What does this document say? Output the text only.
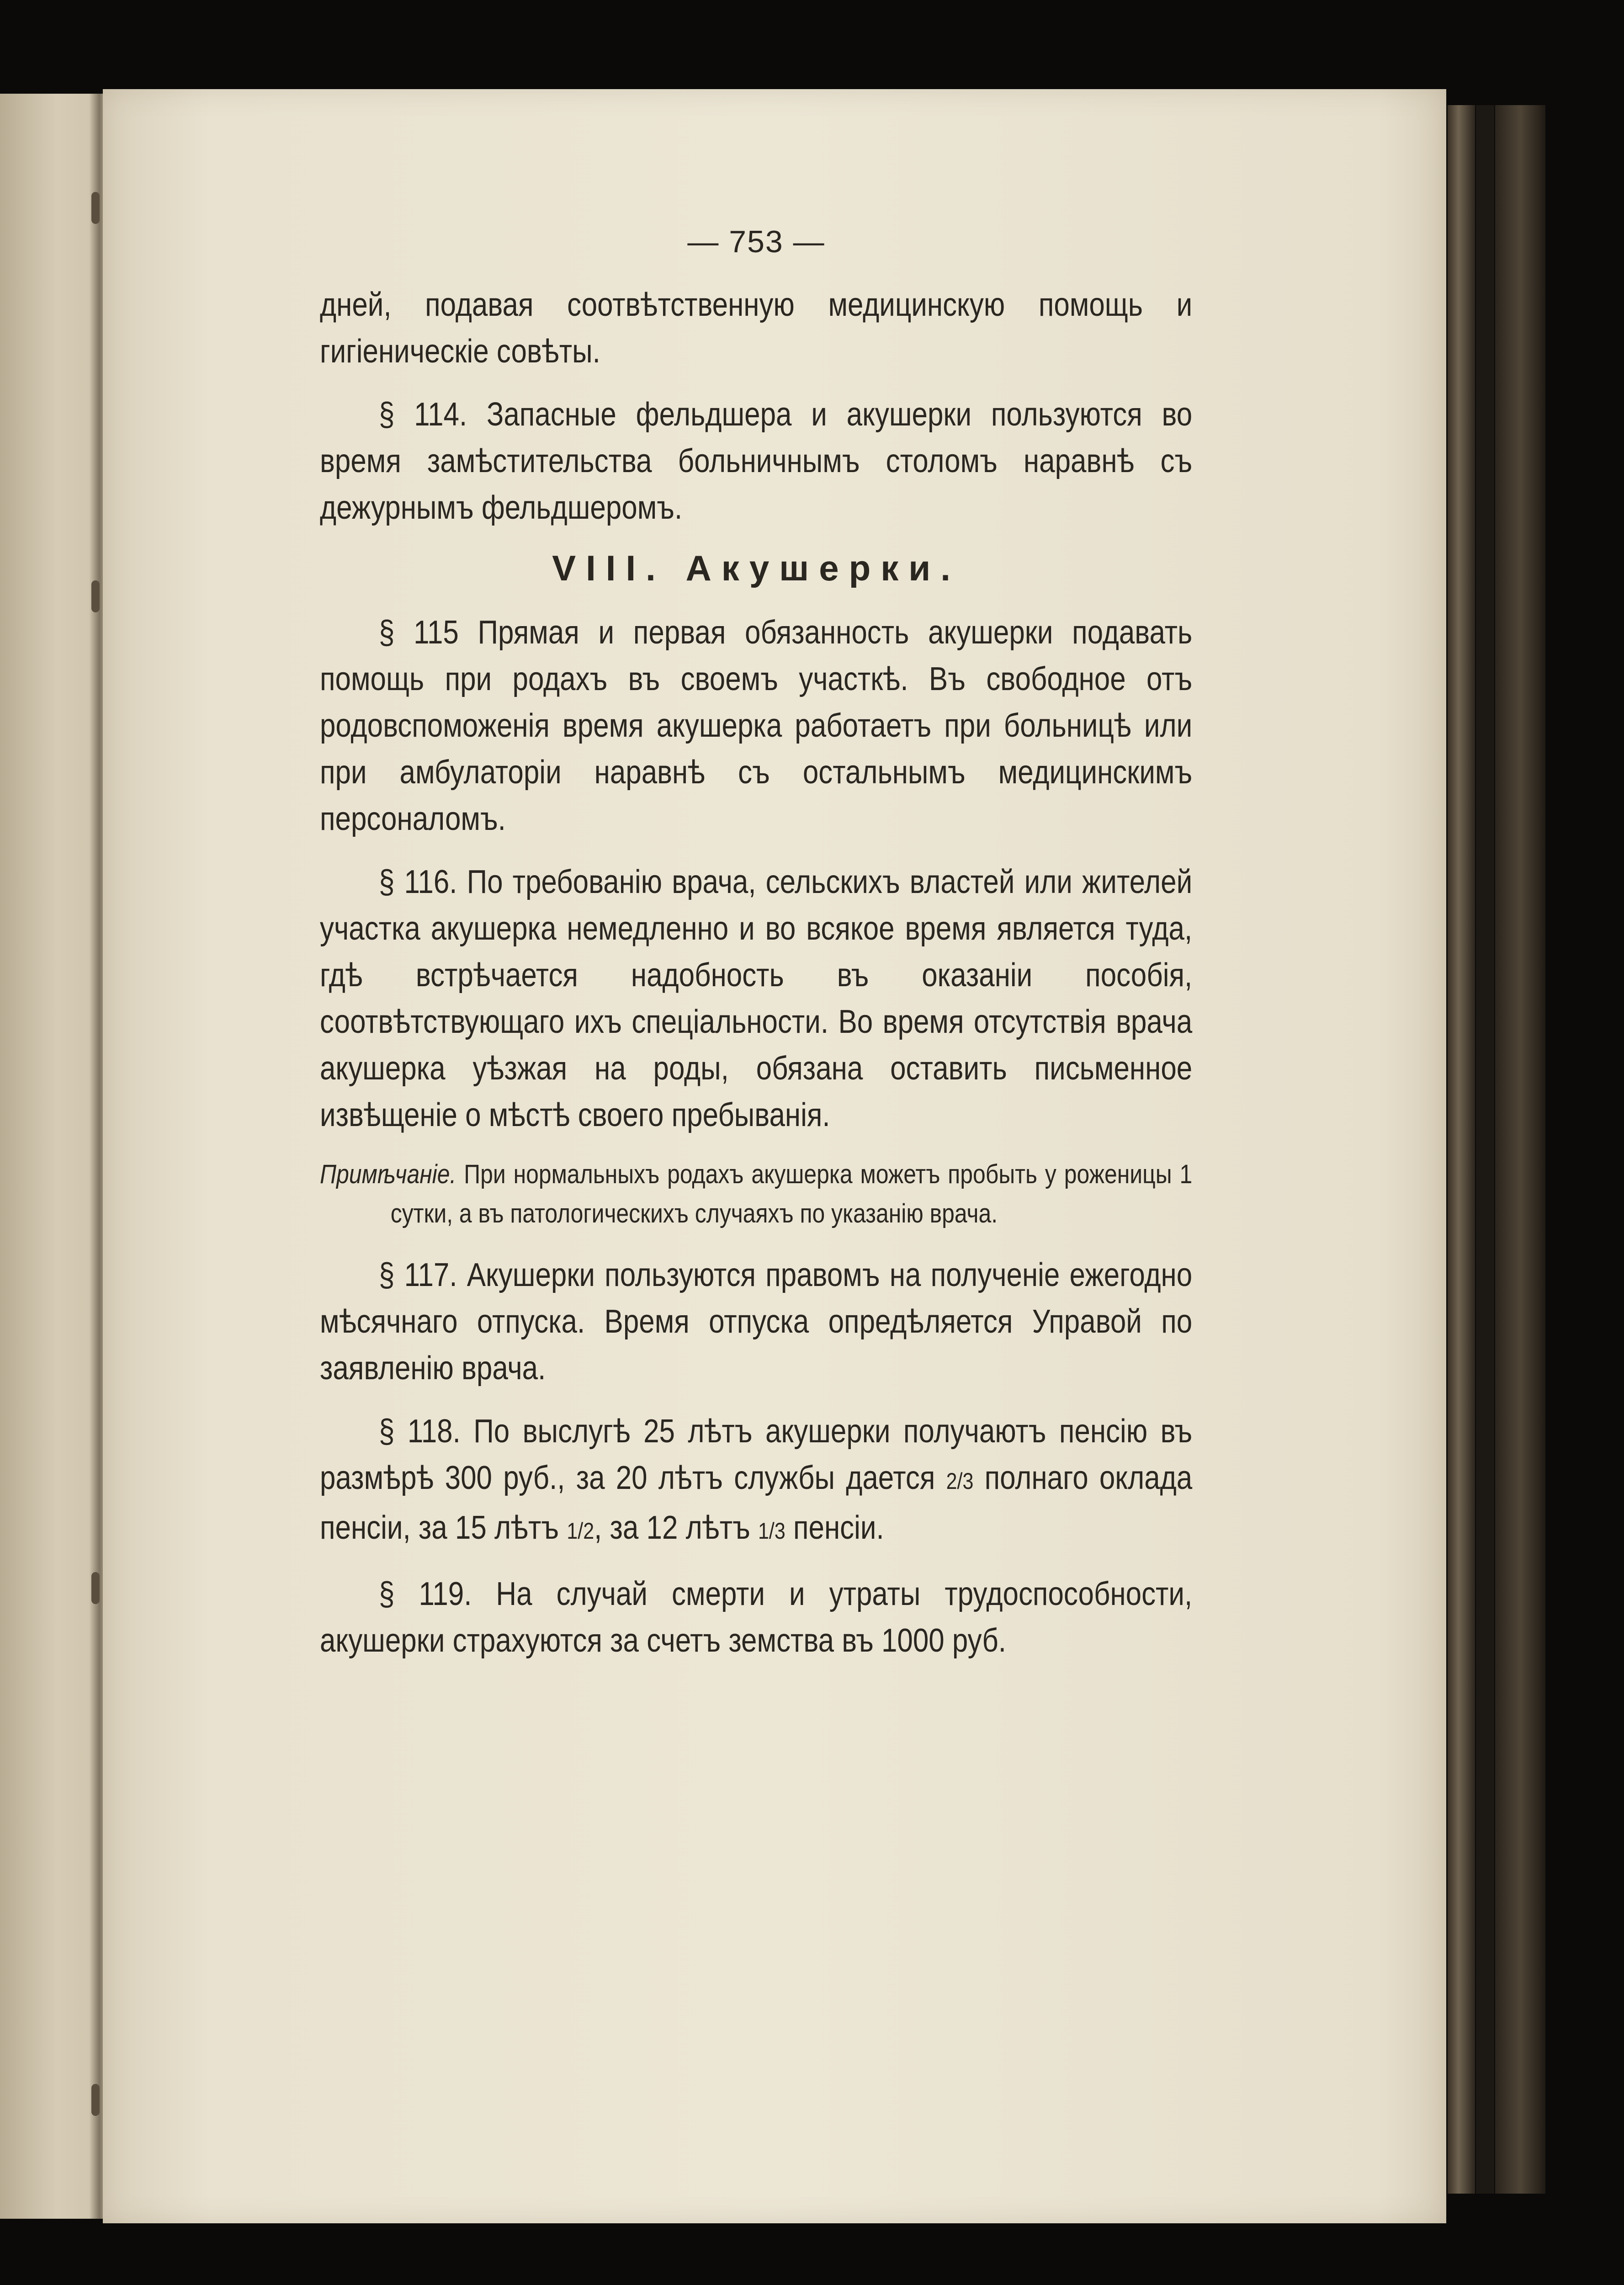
— 753 —

дней, подавая соотвѣтственную медицинскую помощь и гигіеническіе совѣты.

§ 114. Запасные фельдшера и акушерки пользуются во время замѣстительства больничнымъ столомъ наравнѣ съ дежурнымъ фельдшеромъ.

VIII. Акушерки.

§ 115 Прямая и первая обязанность акушерки подавать помощь при родахъ въ своемъ участкѣ. Въ свободное отъ родовспоможенія время акушерка работаетъ при больницѣ или при амбулаторіи наравнѣ съ остальнымъ медицинскимъ персоналомъ.

§ 116. По требованію врача, сельскихъ властей или жителей участка акушерка немедленно и во всякое время является туда, гдѣ встрѣчается надобность въ оказаніи пособія, соотвѣтствующаго ихъ спеціальности. Во время отсутствія врача акушерка уѣзжая на роды, обязана оставить письменное извѣщеніе о мѣстѣ своего пребыванія.

Примѣчаніе. При нормальныхъ родахъ акушерка можетъ пробыть у роженицы 1 сутки, а въ патологическихъ случаяхъ по указанію врача.

§ 117. Акушерки пользуются правомъ на полученіе ежегодно мѣсячнаго отпуска. Время отпуска опредѣляется Управой по заявленію врача.

§ 118. По выслугѣ 25 лѣтъ акушерки получаютъ пенсію въ размѣрѣ 300 руб., за 20 лѣтъ службы дается 2/3 полнаго оклада пенсіи, за 15 лѣтъ 1/2, за 12 лѣтъ 1/3 пенсіи.

§ 119. На случай смерти и утраты трудоспособности, акушерки страхуются за счетъ земства въ 1000 руб.
